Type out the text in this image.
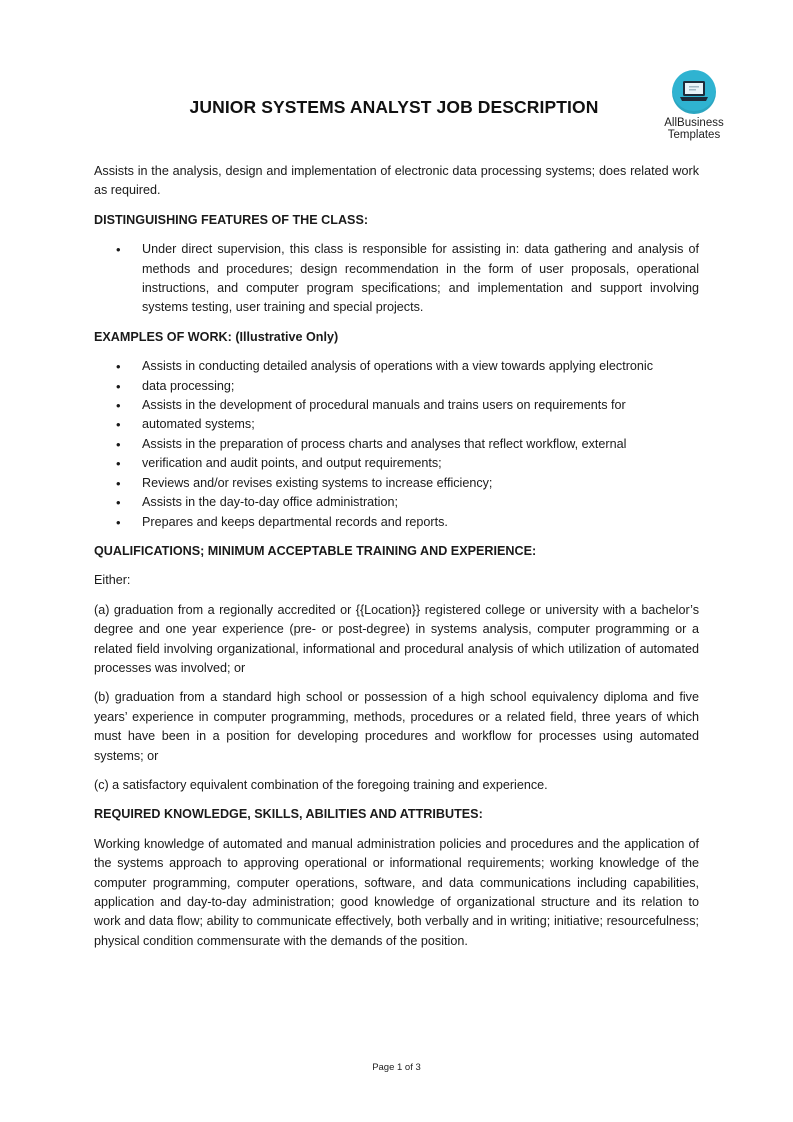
AllBusiness
Templates
JUNIOR SYSTEMS ANALYST JOB DESCRIPTION

Assists in the analysis, design and implementation of electronic data processing systems; does related work as required.

DISTINGUISHING FEATURES OF THE CLASS:
• Under direct supervision, this class is responsible for assisting in: data gathering and analysis of methods and procedures; design recommendation in the form of user proposals, operational instructions, and computer program specifications; and implementation and support involving systems testing, user training and special projects.
EXAMPLES OF WORK: (Illustrative Only)
• Assists in conducting detailed analysis of operations with a view towards applying electronic
• data processing;
• Assists in the development of procedural manuals and trains users on requirements for
• automated systems;
• Assists in the preparation of process charts and analyses that reflect workflow, external
• verification and audit points, and output requirements;
• Reviews and/or revises existing systems to increase efficiency;
• Assists in the day-to-day office administration;
• Prepares and keeps departmental records and reports.
QUALIFICATIONS; MINIMUM ACCEPTABLE TRAINING AND EXPERIENCE:

Either:

(a) graduation from a regionally accredited or {{Location}} registered college or university with a bachelor’s degree and one year experience (pre- or post-degree) in systems analysis, computer programming or a related field involving organizational, informational and procedural analysis of which utilization of automated processes was involved; or

(b) graduation from a standard high school or possession of a high school equivalency diploma and five years’ experience in computer programming, methods, procedures or a related field, three years of which must have been in a position for developing procedures and workflow for processes using automated systems; or

(c) a satisfactory equivalent combination of the foregoing training and experience.

REQUIRED KNOWLEDGE, SKILLS, ABILITIES AND ATTRIBUTES:

Working knowledge of automated and manual administration policies and procedures and the application of the systems approach to approving operational or informational requirements; working knowledge of the computer programming, computer operations, software, and data communications including capabilities, application and day-to-day administration; good knowledge of organizational structure and its relation to work and data flow; ability to communicate effectively, both verbally and in writing; initiative; resourcefulness; physical condition commensurate with the demands of the position.

Page 1 of 3
